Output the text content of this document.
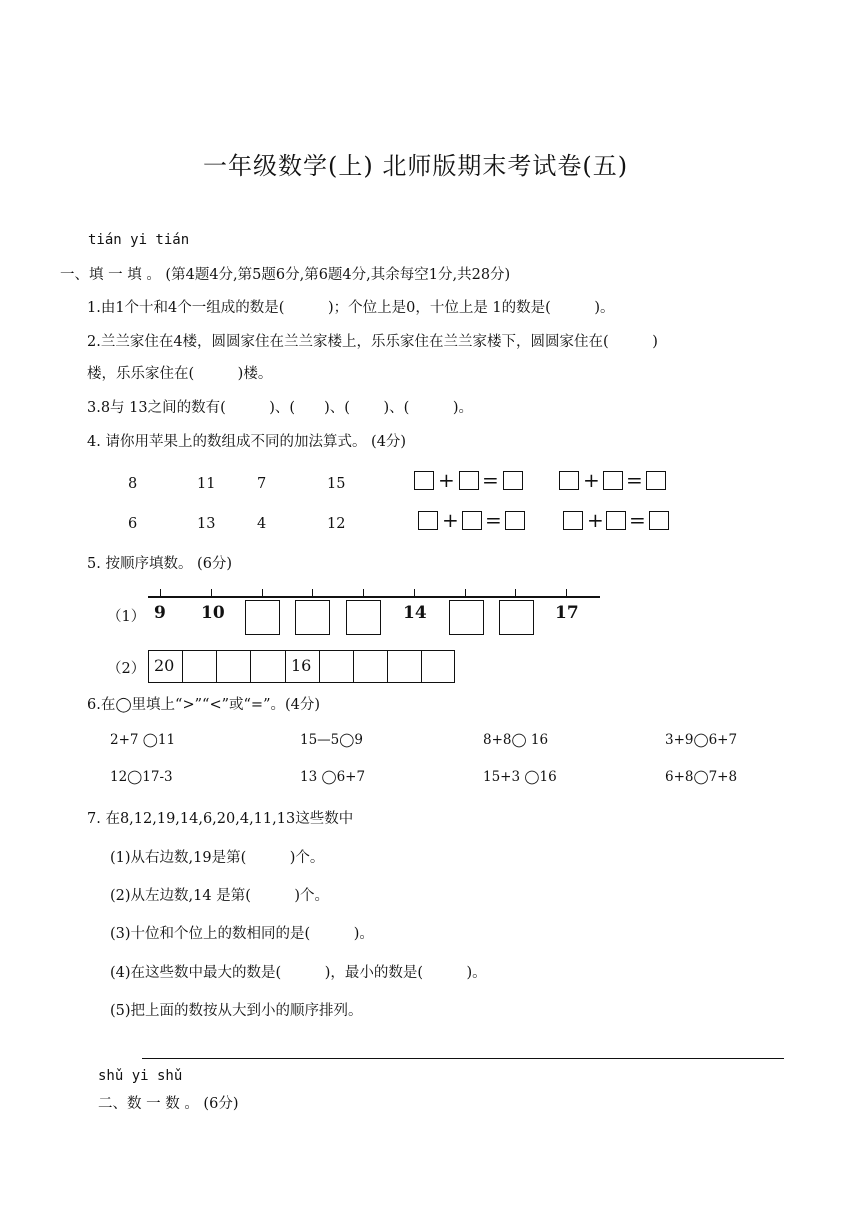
一年级数学(上) 北师版期末考试卷(五)
tián yi tián
一、填 一 填 。 (第4题4分,第5题6分,第6题4分,其余每空1分,共28分)
1.由1个十和4个一组成的数是(　　　)；个位上是0，十位上是 1的数是(　　　)。
2.兰兰家住在4楼，圆圆家住在兰兰家楼上，乐乐家住在兰兰家楼下，圆圆家住在(　　　)
楼，乐乐家住在(　　　)楼。
3.8与 13之间的数有(　　　)、(　　)、(　　 )、(　　　)。
4. 请你用苹果上的数组成不同的加法算式。 (4分)
8	11	7	15
6	13	4	12
+ =	+ =
+ =	+ =
5. 按顺序填数。 (6分)
（1） 9 10	14	17
（2） 20	16
6.在◯里填上“>”“<”或“=”。(4分)
2+7 ◯11	15—5◯9	8+8◯ 16	3+9◯6+7
12◯17-3	13 ◯6+7	15+3 ◯16	6+8◯7+8
7. 在8,12,19,14,6,20,4,11,13这些数中
(1)从右边数,19是第(　　　)个。
(2)从左边数,14 是第(　　　)个。
(3)十位和个位上的数相同的是(　　　)。
(4)在这些数中最大的数是(　　　)，最小的数是(　　　)。
(5)把上面的数按从大到小的顺序排列。
shǔ yi shǔ
二、数 一 数 。 (6分)
